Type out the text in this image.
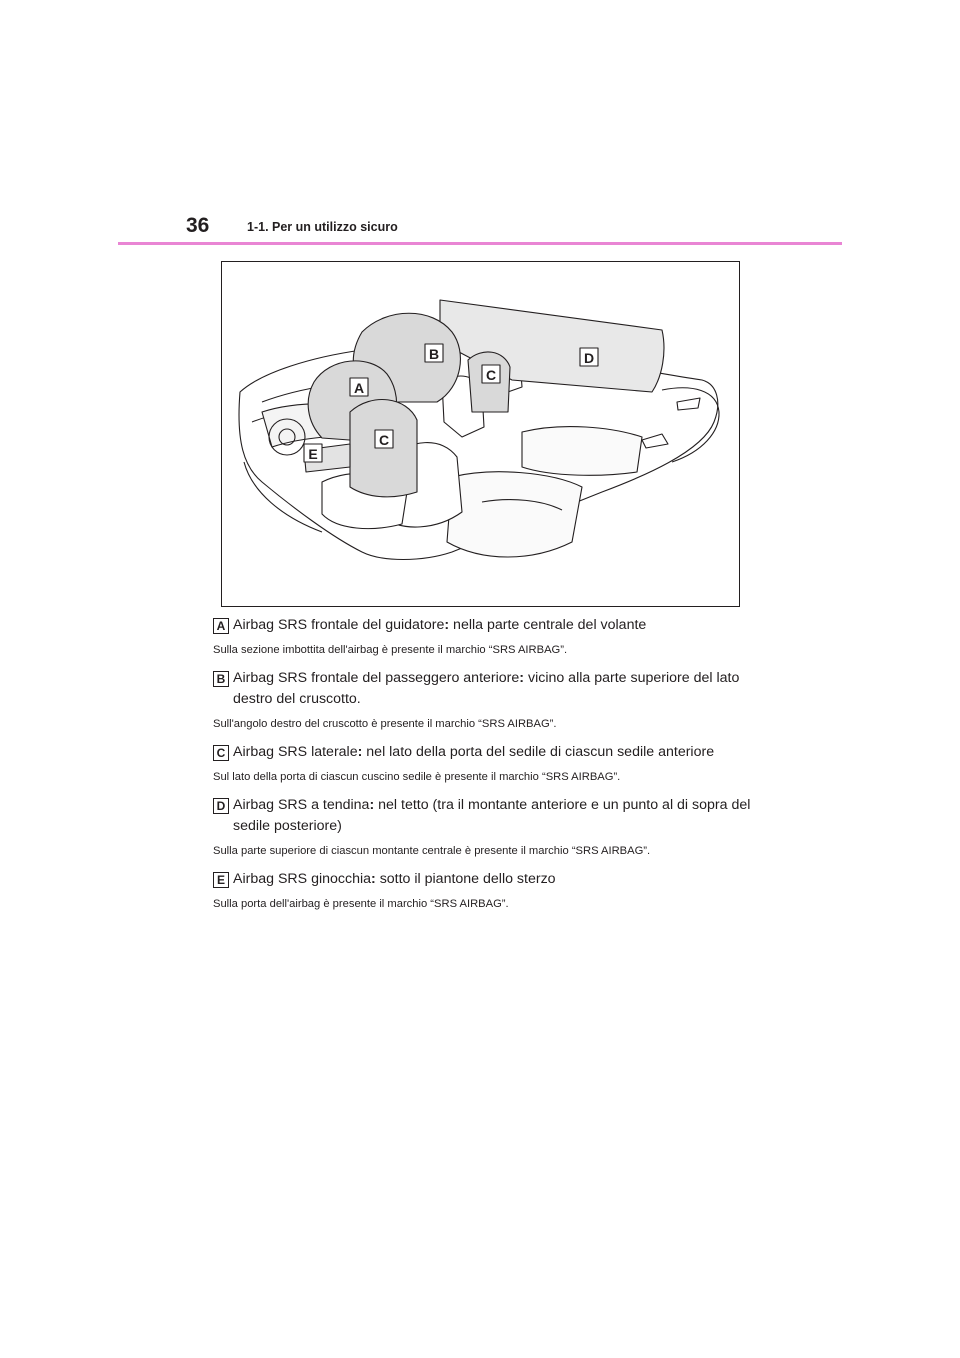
36	1-1. Per un utilizzo sicuro
B
A
C
C
D
E
A Airbag SRS frontale del guidatore: nella parte centrale del volante
Sulla sezione imbottita dell'airbag è presente il marchio “SRS AIRBAG”.
B Airbag SRS frontale del passeggero anteriore: vicino alla parte superiore del lato destro del cruscotto.
Sull'angolo destro del cruscotto è presente il marchio “SRS AIRBAG”.
C Airbag SRS laterale: nel lato della porta del sedile di ciascun sedile anteriore
Sul lato della porta di ciascun cuscino sedile è presente il marchio “SRS AIRBAG”.
D Airbag SRS a tendina: nel tetto (tra il montante anteriore e un punto al di sopra del sedile posteriore)
Sulla parte superiore di ciascun montante centrale è presente il marchio “SRS AIRBAG”.
E Airbag SRS ginocchia: sotto il piantone dello sterzo
Sulla porta dell'airbag è presente il marchio “SRS AIRBAG”.
